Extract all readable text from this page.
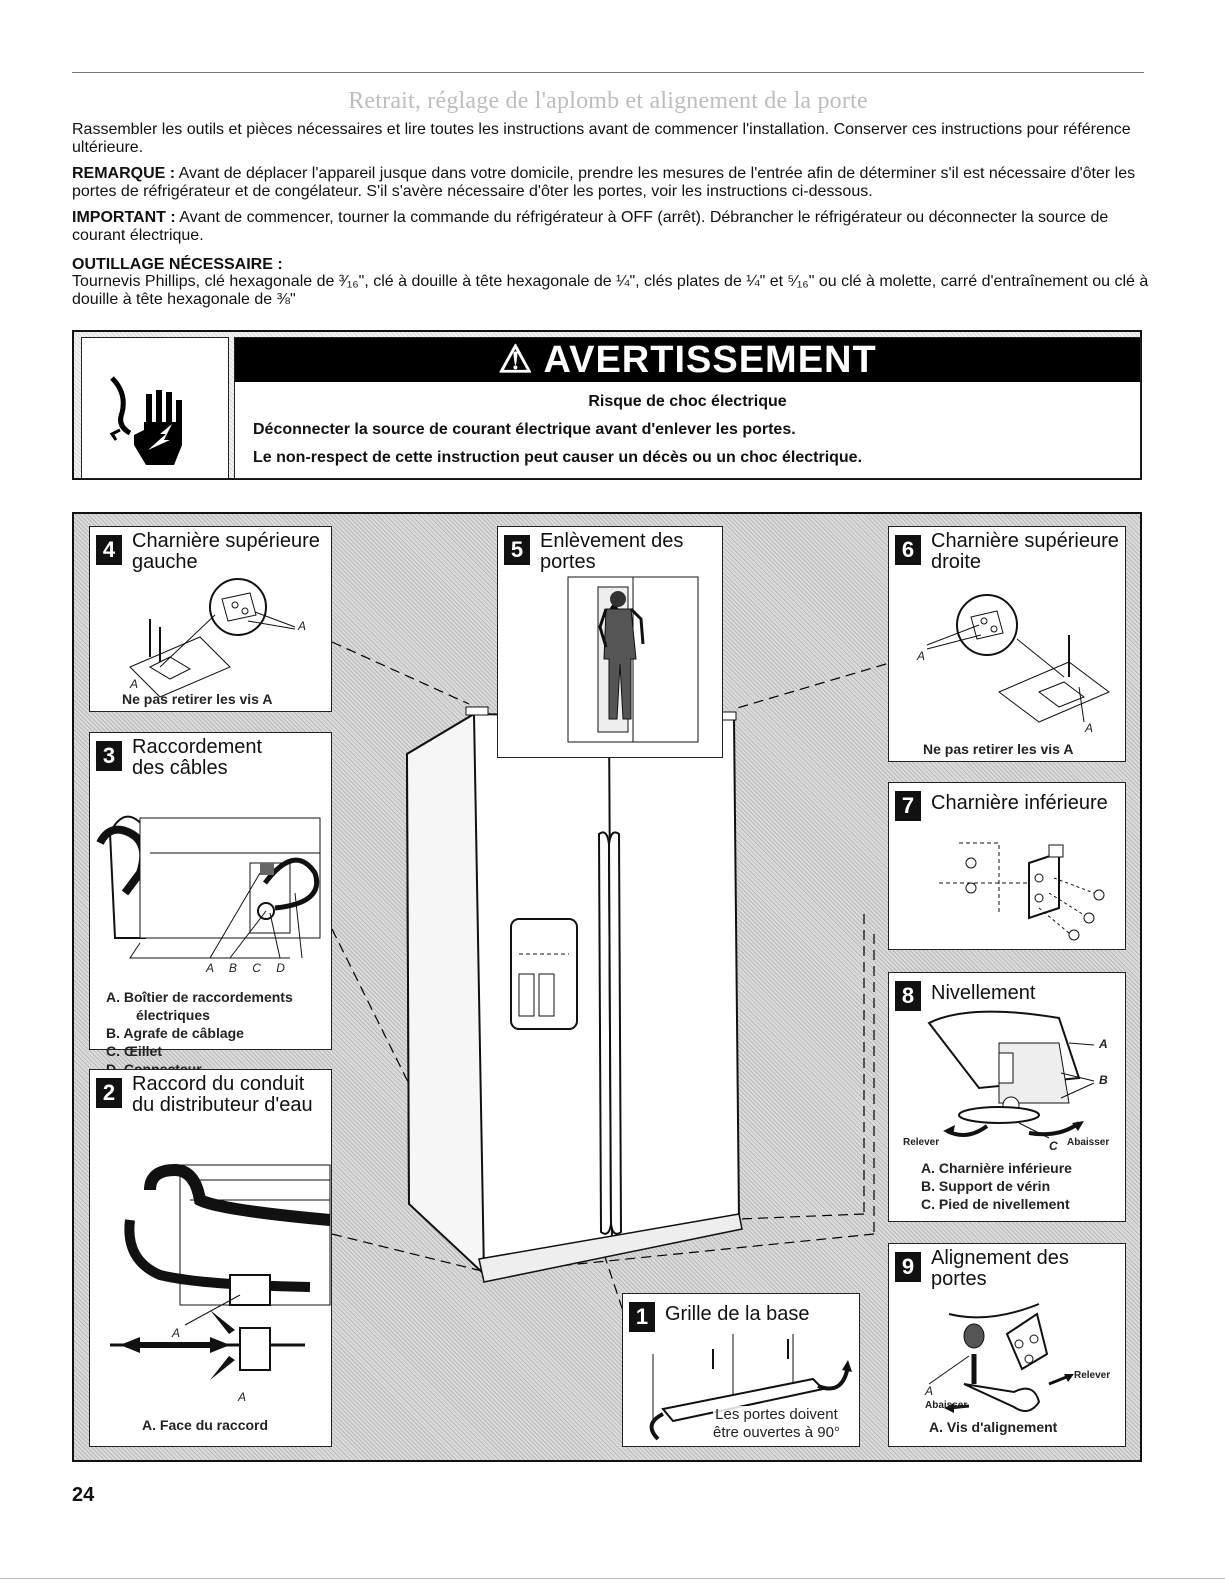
Retrait, réglage de l'aplomb et alignement de la porte
Rassembler les outils et pièces nécessaires et lire toutes les instructions avant de commencer l'installation. Conserver ces instructions pour référence ultérieure.
REMARQUE : Avant de déplacer l'appareil jusque dans votre domicile, prendre les mesures de l'entrée afin de déterminer s'il est nécessaire d'ôter les portes de réfrigérateur et de congélateur. S'il s'avère nécessaire d'ôter les portes, voir les instructions ci-dessous.
IMPORTANT : Avant de commencer, tourner la commande du réfrigérateur à OFF (arrêt). Débrancher le réfrigérateur ou déconnecter la source de courant électrique.
OUTILLAGE NÉCESSAIRE :
Tournevis Phillips, clé hexagonale de ³⁄₁₆", clé à douille à tête hexagonale de ¼", clés plates de ¼" et ⁵⁄₁₆" ou clé à molette, carré d'entraînement ou clé à douille à tête hexagonale de ⅜"
⚠ AVERTISSEMENT
Risque de choc électrique
Déconnecter la source de courant électrique avant d'enlever les portes.
Le non-respect de cette instruction peut causer un décès ou un choc électrique.
4 Charnière supérieure
gauche
A
A
Ne pas retirer les vis A
3 Raccordement
des câbles
A B C D
A. Boîtier de raccordements
électriques
B. Agrafe de câblage
C. Œillet
2 Raccord du conduit
du distributeur d'eau
A
A
A. Face du raccord
5 Enlèvement des
portes	6 Charnière supérieure
droite
A
A
Ne pas retirer les vis A
7 Charnière inférieure
8 Nivellement
A
B
C
Relever	Abaisser
A. Charnière inférieure
B. Support de vérin
C. Pied de nivellement
9 Alignement des
portes
A
Relever
Abaisser
A. Vis d'alignement
1 Grille de la base
Les portes doivent
être ouvertes à 90°
24
